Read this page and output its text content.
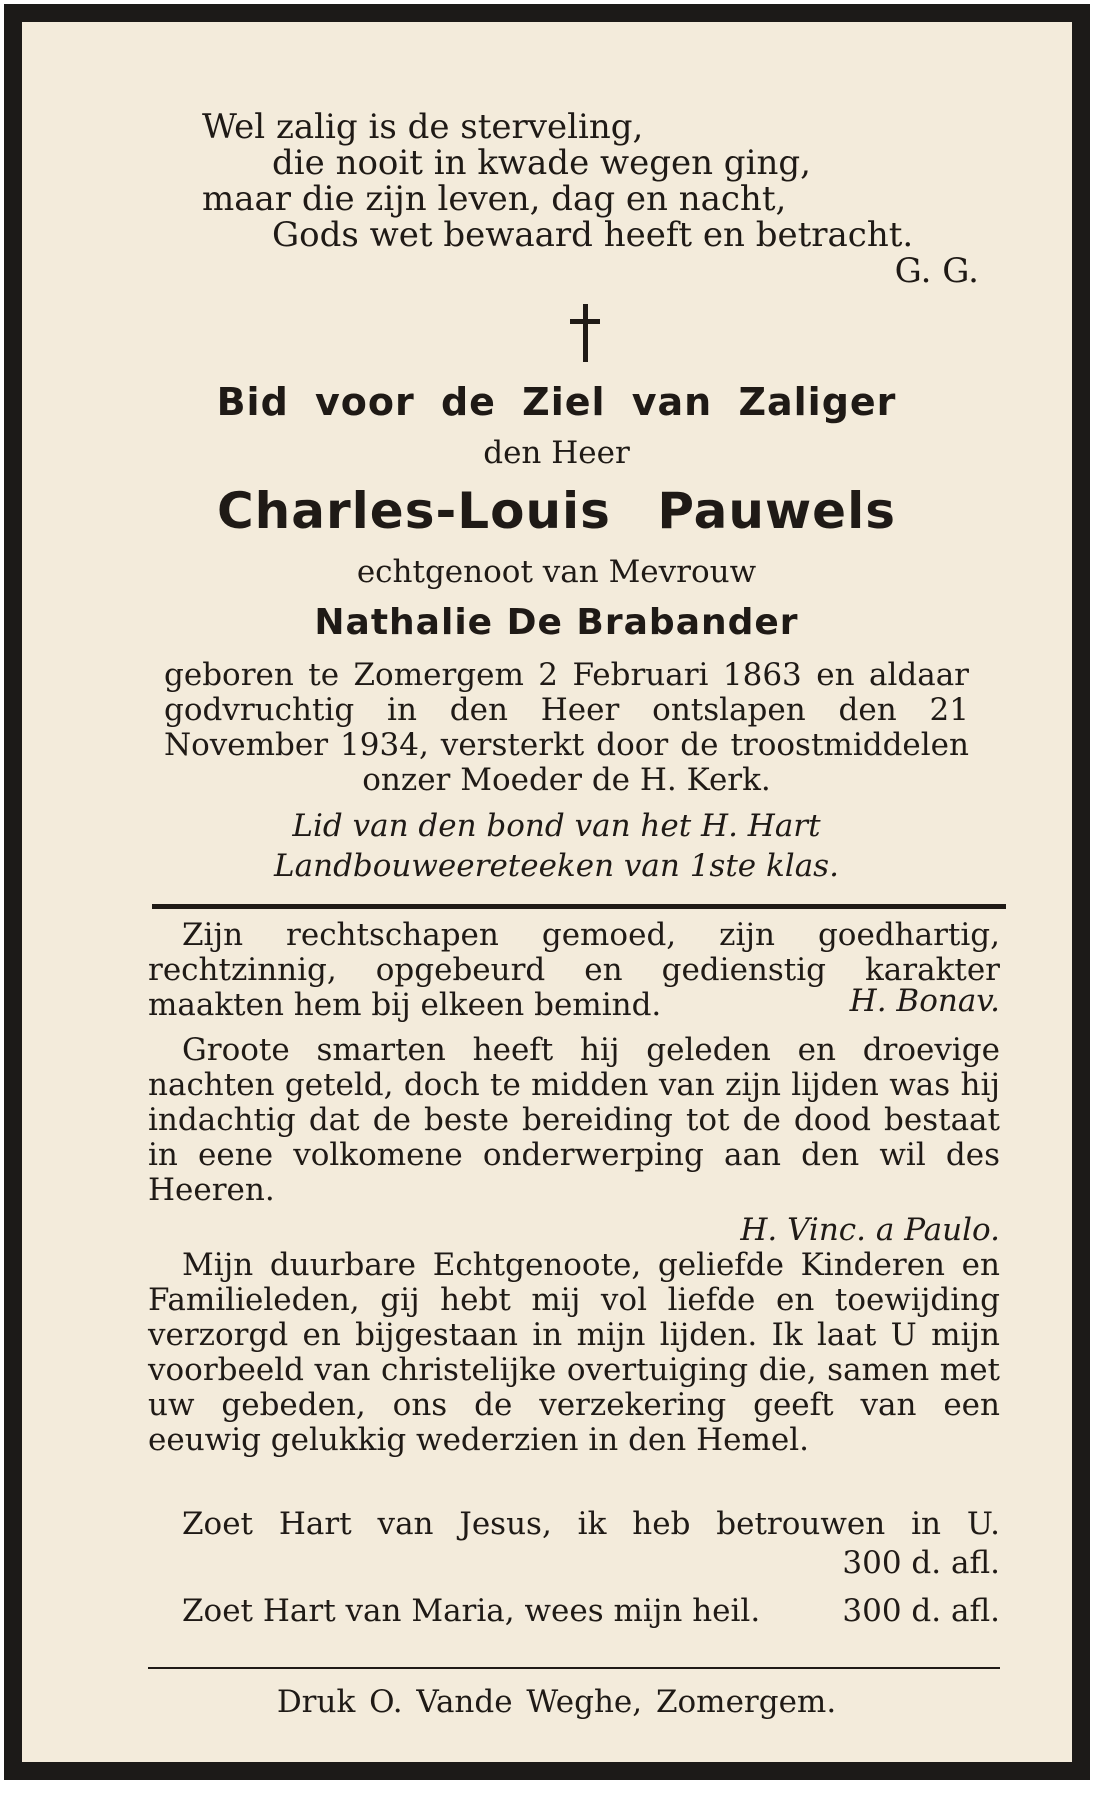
Wel zalig is de sterveling,
die nooit in kwade wegen ging,
maar die zijn leven, dag en nacht,
Gods wet bewaard heeft en betracht.
G. G.
Bid voor de Ziel van Zaliger
den Heer
Charles-Louis Pauwels
echtgenoot van Mevrouw
Nathalie De Brabander
geboren te Zomergem 2 Februari 1863 en aldaar godvruchtig in den Heer ontslapen den 21 November 1934, versterkt door de troostmiddelen onzer Moeder de H. Kerk.
Lid van den bond van het H. Hart
Landbouweereteeken van 1ste klas.
Zijn rechtschapen gemoed, zijn goedhartig, rechtzinnig, opgebeurd en gedienstig karakter maakten hem bij elkeen bemind.	H. Bonav.
Groote smarten heeft hij geleden en droevige nachten geteld, doch te midden van zijn lijden was hij indachtig dat de beste bereiding tot de dood bestaat in eene volkomene onderwerping aan den wil des Heeren.
H. Vinc. a Paulo.
Mijn duurbare Echtgenoote, geliefde Kinderen en Familieleden, gij hebt mij vol liefde en toewijding verzorgd en bijgestaan in mijn lijden. Ik laat U mijn voorbeeld van christelijke overtuiging die, samen met uw gebeden, ons de verzekering geeft van een eeuwig gelukkig wederzien in den Hemel.
Zoet Hart van Jesus, ik heb betrouwen in U.
300 d. afl.
Zoet Hart van Maria, wees mijn heil.	300 d. afl.
Druk O. Vande Weghe, Zomergem.
